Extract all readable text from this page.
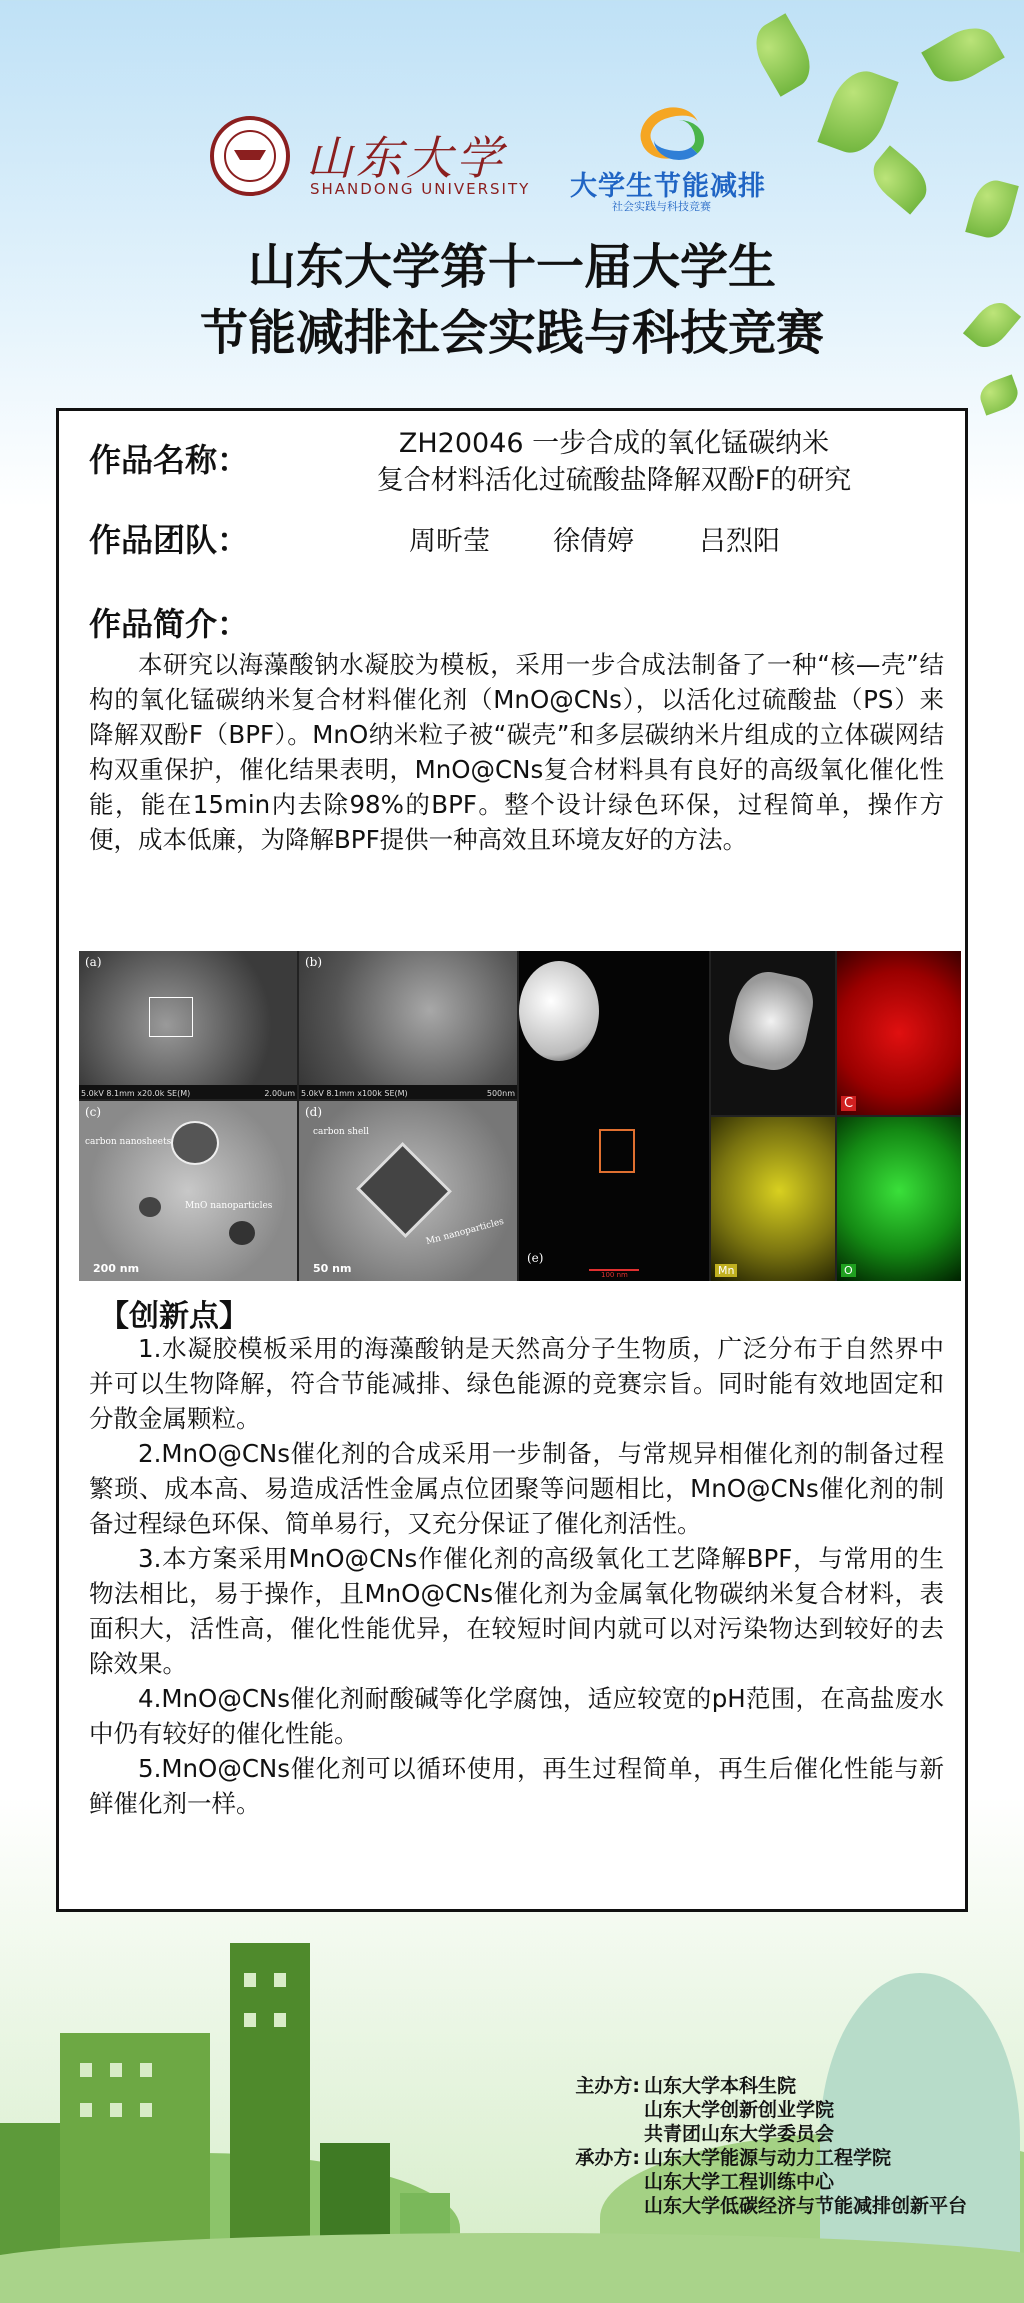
山东大学
SHANDONG UNIVERSITY 大学生节能减排
社会实践与科技竞赛
山东大学第十一届大学生
节能减排社会实践与科技竞赛
作品名称：	ZH20046 一步合成的氧化锰碳纳米
复合材料活化过硫酸盐降解双酚F的研究
作品团队：	周昕莹 徐倩婷 吕烈阳
作品简介：
本研究以海藻酸钠水凝胶为模板，采用一步合成法制备了一种“核—壳”结构的氧化锰碳纳米复合材料催化剂（MnO@CNs），以活化过硫酸盐（PS）来降解双酚F（BPF）。MnO纳米粒子被“碳壳”和多层碳纳米片组成的立体碳网结构双重保护，催化结果表明，MnO@CNs复合材料具有良好的高级氧化催化性能，能在15min内去除98%的BPF。整个设计绿色环保，过程简单，操作方便，成本低廉，为降解BPF提供一种高效且环境友好的方法。
(a)
5.0kV 8.1mm x20.0k SE(M)	2.00um
(b)
5.0kV 8.1mm x100k SE(M)	500nm
(c)
carbon nanosheets
MnO nanoparticles
200 nm
(d)
carbon shell
Mn nanoparticles
50 nm
(e)
100 nm
C
Mn	O
【创新点】

1.水凝胶模板采用的海藻酸钠是天然高分子生物质，广泛分布于自然界中并可以生物降解，符合节能减排、绿色能源的竞赛宗旨。同时能有效地固定和分散金属颗粒。

2.MnO@CNs催化剂的合成采用一步制备，与常规异相催化剂的制备过程繁琐、成本高、易造成活性金属点位团聚等问题相比，MnO@CNs催化剂的制备过程绿色环保、简单易行，又充分保证了催化剂活性。

3.本方案采用MnO@CNs作催化剂的高级氧化工艺降解BPF，与常用的生物法相比，易于操作，且MnO@CNs催化剂为金属氧化物碳纳米复合材料，表面积大，活性高，催化性能优异，在较短时间内就可以对污染物达到较好的去除效果。

4.MnO@CNs催化剂耐酸碱等化学腐蚀，适应较宽的pH范围，在高盐废水中仍有较好的催化性能。

5.MnO@CNs催化剂可以循环使用，再生过程简单，再生后催化性能与新鲜催化剂一样。

主办方: 山东大学本科生院
山东大学创新创业学院
共青团山东大学委员会
承办方: 山东大学能源与动力工程学院
山东大学工程训练中心
山东大学低碳经济与节能减排创新平台
